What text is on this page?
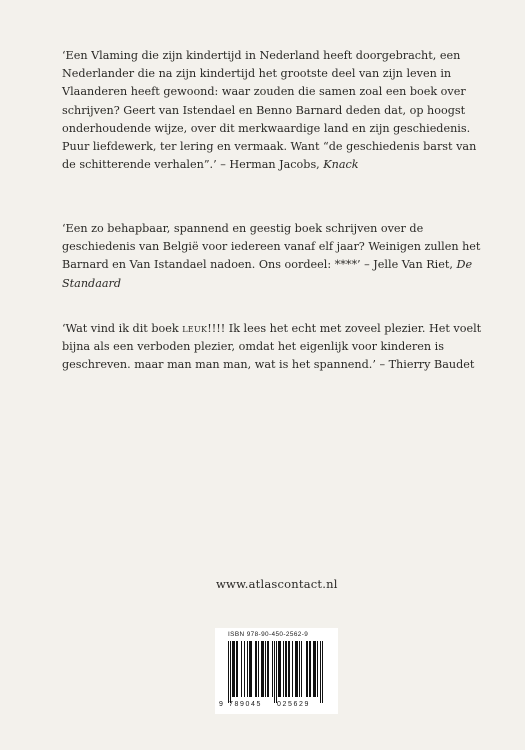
‘Een Vlaming die zijn kindertijd in Nederland heeft doorgebracht, een Nederlander die na zijn kindertijd het grootste deel van zijn leven in Vlaanderen heeft gewoond: waar zouden die samen zoal een boek over schrijven? Geert van Istendael en Benno Barnard deden dat, op hoogst onderhoudende wijze, over dit merkwaardige land en zijn geschiedenis. Puur liefdewerk, ter lering en vermaak. Want “de geschiedenis barst van de schitterende verhalen”.’ – Herman Jacobs, Knack

‘Een zo behapbaar, spannend en geestig boek schrijven over de geschiedenis van België voor iedereen vanaf elf jaar? Weinigen zullen het Barnard en Van Istandael nadoen. Ons oordeel: ****’ – Jelle Van Riet, De Standaard

‘Wat vind ik dit boek leuk!!!! Ik lees het echt met zoveel plezier. Het voelt bijna als een verboden plezier, omdat het eigenlijk voor kinderen is geschreven. maar man man man, wat is het spannend.’ – Thierry Baudet

www.atlascontact.nl
ISBN 978-90-450-2562-9
9 789045 025629
